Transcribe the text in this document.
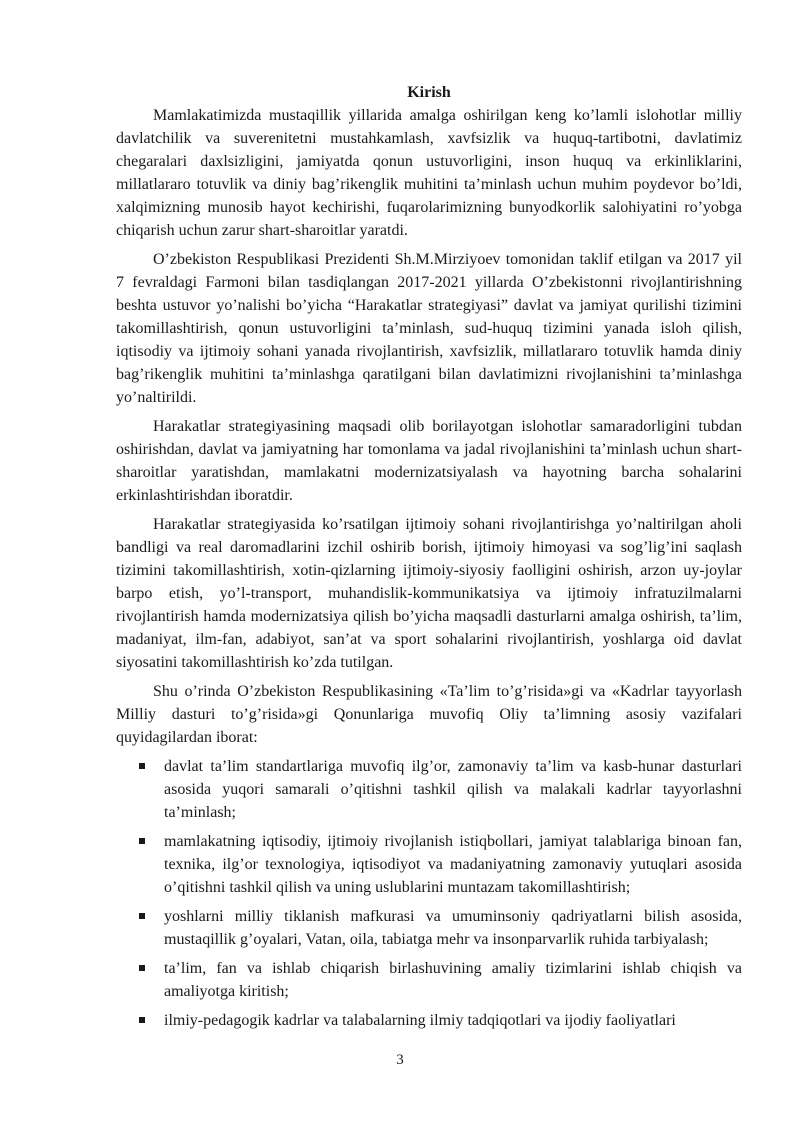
Kirish

Mamlakatimizda mustaqillik yillarida amalga oshirilgan keng ko’lamli islohotlar milliy davlatchilik va suverenitetni mustahkamlash, xavfsizlik va huquq-tartibotni, davlatimiz chegaralari daxlsizligini, jamiyatda qonun ustuvorligini, inson huquq va erkinliklarini, millatlararo totuvlik va diniy bag’rikenglik muhitini ta’minlash uchun muhim poydevor bo’ldi, xalqimizning munosib hayot kechirishi, fuqarolarimizning bunyodkorlik salohiyatini ro’yobga chiqarish uchun zarur shart-sharoitlar yaratdi.

O’zbekiston Respublikasi Prezidenti Sh.M.Mirziyoev tomonidan taklif etilgan va 2017 yil 7 fevraldagi Farmoni bilan tasdiqlangan 2017-2021 yillarda O’zbekistonni rivojlantirishning beshta ustuvor yo’nalishi bo’yicha “Harakatlar strategiyasi” davlat va jamiyat qurilishi tizimini takomillashtirish, qonun ustuvorligini ta’minlash, sud-huquq tizimini yanada isloh qilish, iqtisodiy va ijtimoiy sohani yanada rivojlantirish, xavfsizlik, millatlararo totuvlik hamda diniy bag’rikenglik muhitini ta’minlashga qaratilgani bilan davlatimizni rivojlanishini ta’minlashga yo’naltirildi.

Harakatlar strategiyasining maqsadi olib borilayotgan islohotlar samaradorligini tubdan oshirishdan, davlat va jamiyatning har tomonlama va jadal rivojlanishini ta’minlash uchun shart-sharoitlar yaratishdan, mamlakatni modernizatsiyalash va hayotning barcha sohalarini erkinlashtirishdan iboratdir.

Harakatlar strategiyasida ko’rsatilgan ijtimoiy sohani rivojlantirishga yo’naltirilgan aholi bandligi va real daromadlarini izchil oshirib borish, ijtimoiy himoyasi va sog’lig’ini saqlash tizimini takomillashtirish, xotin-qizlarning ijtimoiy-siyosiy faolligini oshirish, arzon uy-joylar barpo etish, yo’l-transport, muhandislik-kommunikatsiya va ijtimoiy infratuzilmalarni rivojlantirish hamda modernizatsiya qilish bo’yicha maqsadli dasturlarni amalga oshirish, ta’lim, madaniyat, ilm-fan, adabiyot, san’at va sport sohalarini rivojlantirish, yoshlarga oid davlat siyosatini takomillashtirish ko’zda tutilgan.

Shu o’rinda O’zbekiston Respublikasining «Ta’lim to’g’risida»gi va «Kadrlar tayyorlash Milliy dasturi to’g’risida»gi Qonunlariga muvofiq Oliy ta’limning asosiy vazifalari quyidagilardan iborat:

davlat ta’lim standartlariga muvofiq ilg’or, zamonaviy ta’lim va kasb-hunar dasturlari asosida yuqori samarali o’qitishni tashkil qilish va malakali kadrlar tayyorlashni ta’minlash;
mamlakatning iqtisodiy, ijtimoiy rivojlanish istiqbollari, jamiyat talablariga binoan fan, texnika, ilg’or texnologiya, iqtisodiyot va madaniyatning zamonaviy yutuqlari asosida o’qitishni tashkil qilish va uning uslublarini muntazam takomillashtirish;
yoshlarni milliy tiklanish mafkurasi va umuminsoniy qadriyatlarni bilish asosida, mustaqillik g’oyalari, Vatan, oila, tabiatga mehr va insonparvarlik ruhida tarbiyalash;
ta’lim, fan va ishlab chiqarish birlashuvining amaliy tizimlarini ishlab chiqish va amaliyotga kiritish;
ilmiy-pedagogik kadrlar va talabalarning ilmiy tadqiqotlari va ijodiy faoliyatlari
3
